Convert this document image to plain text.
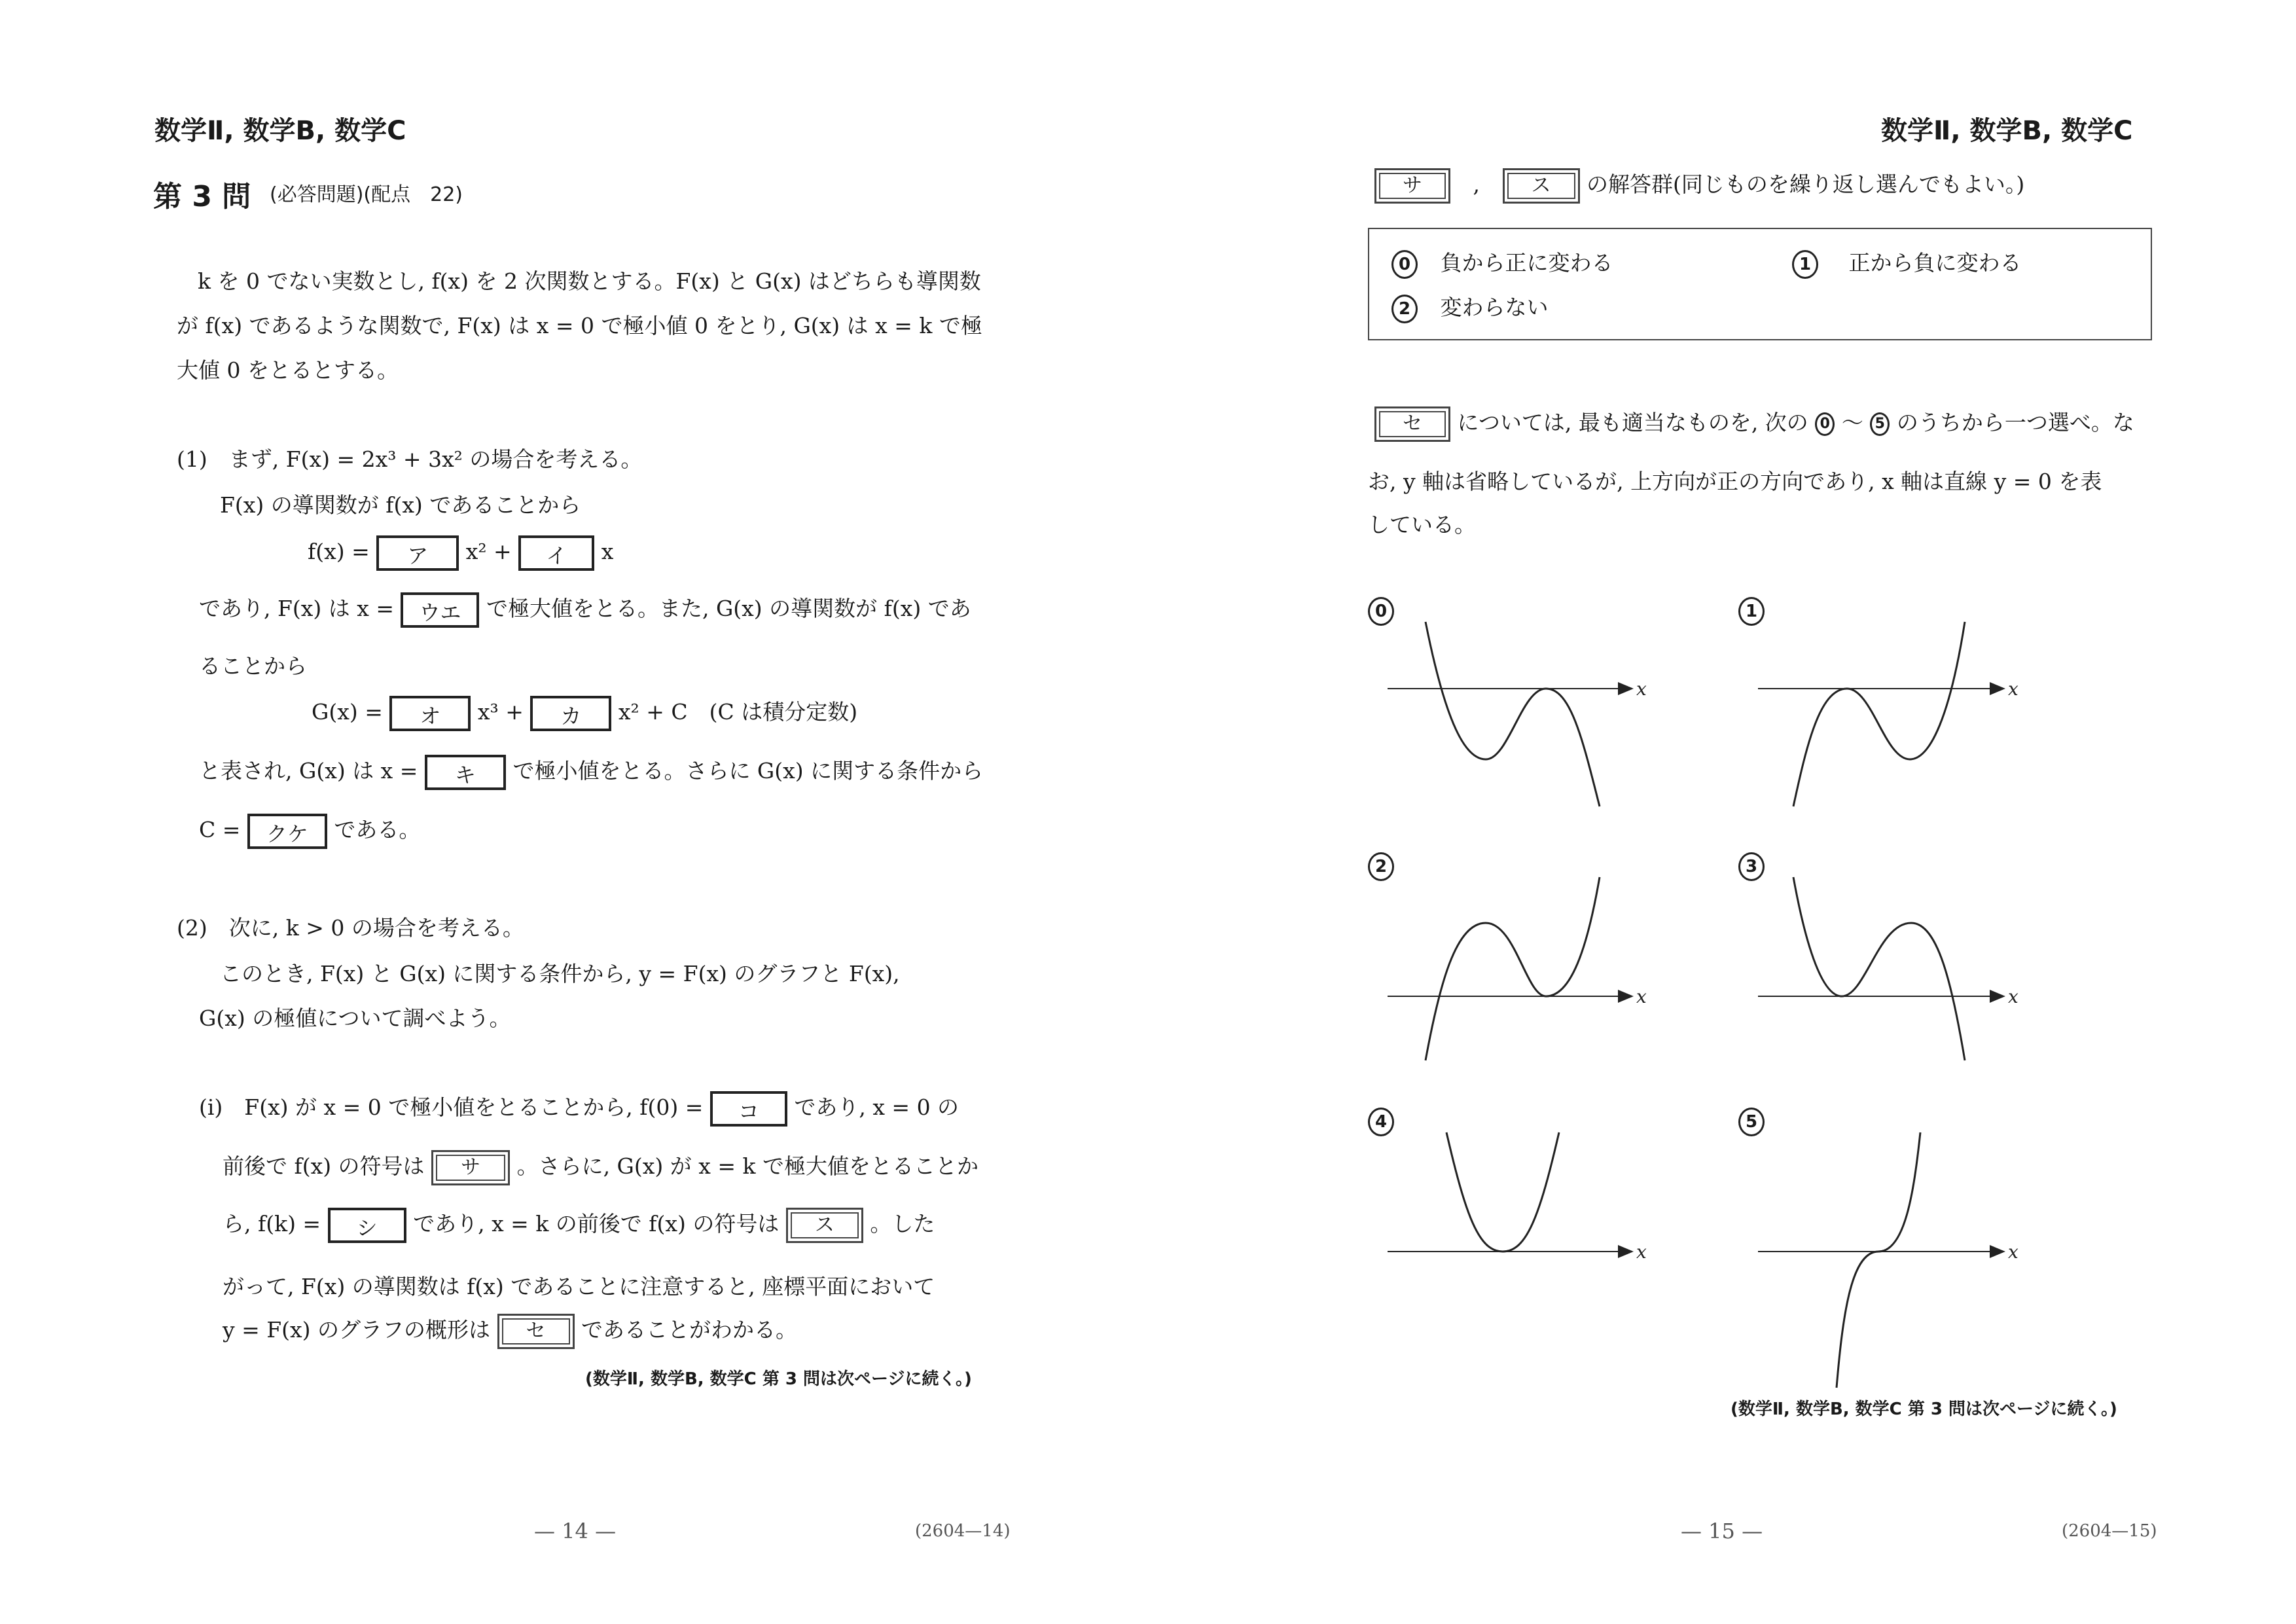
数学Ⅱ, 数学B, 数学C
第 3 問 (必答問題)(配点　22)
k を 0 でない実数とし, f(x) を 2 次関数とする。F(x) と G(x) はどちらも導関数
が f(x) であるような関数で, F(x) は x = 0 で極小値 0 をとり, G(x) は x = k で極
大値 0 をとるとする。
(1)　まず, F(x) = 2x³ + 3x² の場合を考える。
F(x) の導関数が f(x) であることから
f(x) = ア x² + イ x
であり, F(x) は x = ウエ で極大値をとる。また, G(x) の導関数が f(x) であ
ることから
G(x) = オ x³ + カ x² + C　(C は積分定数)
と表され, G(x) は x = キ で極小値をとる。さらに G(x) に関する条件から
C = クケ である。
(2)　次に, k > 0 の場合を考える。
このとき, F(x) と G(x) に関する条件から, y = F(x) のグラフと F(x),
G(x) の極値について調べよう。
(i)　F(x) が x = 0 で極小値をとることから, f(0) = コ であり, x = 0 の
前後で f(x) の符号は サ 。さらに, G(x) が x = k で極大値をとることか
ら, f(k) = シ であり, x = k の前後で f(x) の符号は ス 。した
がって, F(x) の導関数は f(x) であることに注意すると, 座標平面において
y = F(x) のグラフの概形は セ であることがわかる。
(数学Ⅱ, 数学B, 数学C 第 3 問は次ページに続く。)
— 14 —	(2604—14)
数学Ⅱ, 数学B, 数学C
サ ,	ス の解答群(同じものを繰り返し選んでもよい。)
0 負から正に変わる	1 正から負に変わる
2 変わらない
セ については, 最も適当なものを, 次の 0 ～ 5 のうちから一つ選べ。な
お, y 軸は省略しているが, 上方向が正の方向であり, x 軸は直線 y = 0 を表
している。
0	1
2	3
4	5
x	x
x	x
x	x
(数学Ⅱ, 数学B, 数学C 第 3 問は次ページに続く。)
— 15 —	(2604—15)
